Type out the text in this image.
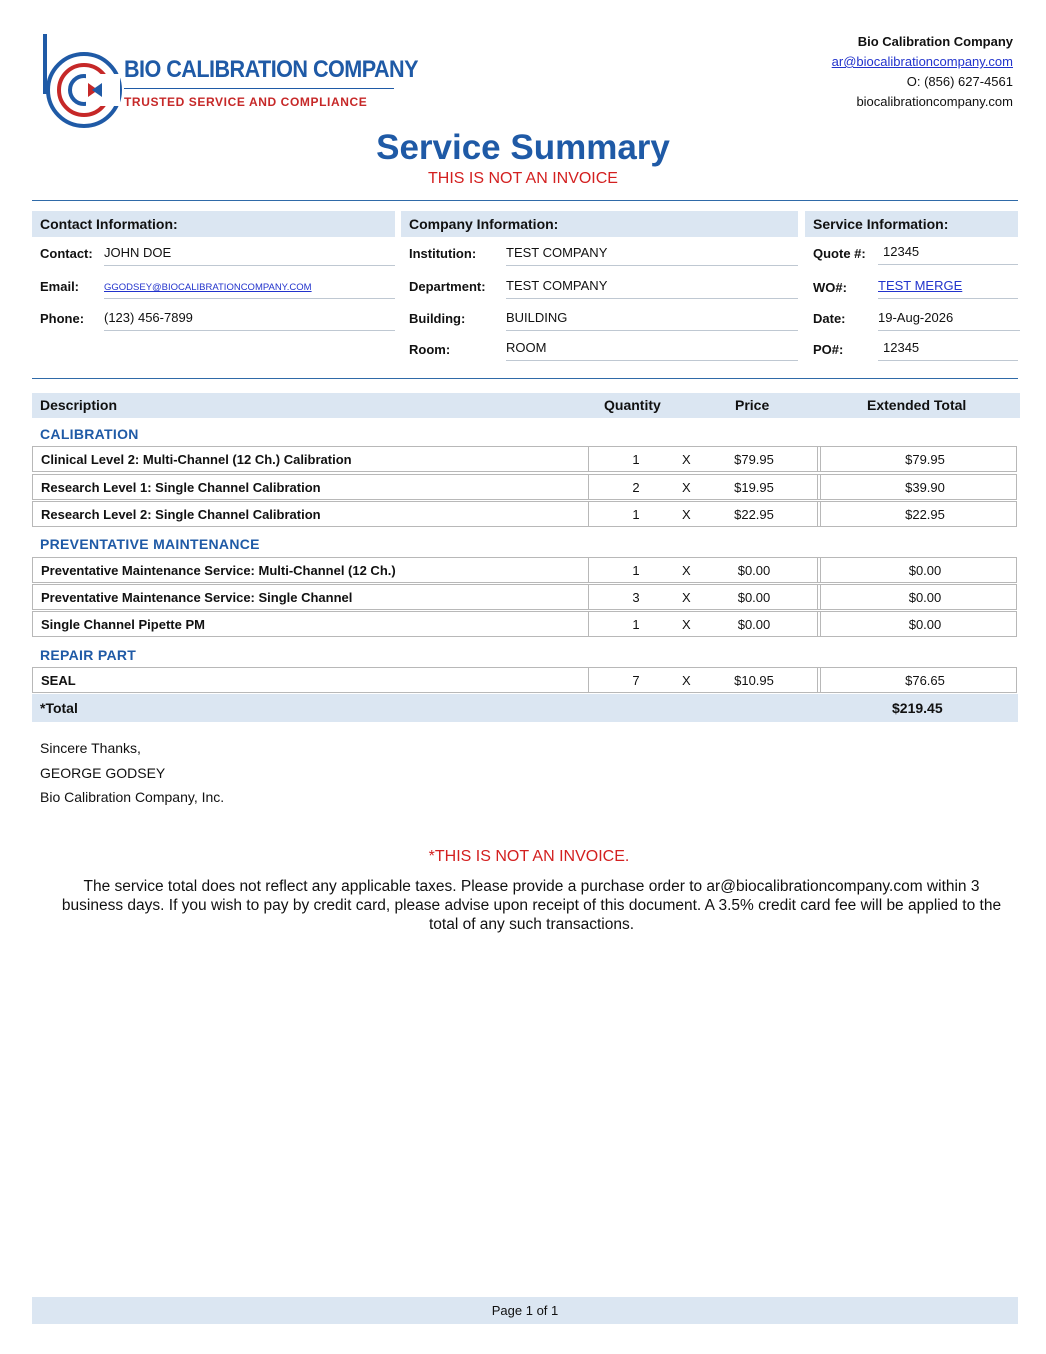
BIO CALIBRATION COMPANY
TRUSTED SERVICE AND COMPLIANCE
Bio Calibration Company
ar@biocalibrationcompany.com
O: (856) 627-4561
biocalibrationcompany.com
Service Summary
THIS IS NOT AN INVOICE
Contact Information:
Contact: JOHN DOE
Email:	GGODSEY@BIOCALIBRATIONCOMPANY.COM
Phone: (123) 456-7899
Company Information:
Institution: TEST COMPANY
Department: TEST COMPANY
Building:	BUILDING
Room:	ROOM
Service Information:
Quote #:	12345
WO#: TEST MERGE
Date: 19-Aug-2026
PO#:	12345
Description	Quantity	Price	Extended Total
CALIBRATION
Clinical Level 2: Multi-Channel (12 Ch.) Calibration	1	X	$79.95	$79.95
Research Level 1: Single Channel Calibration	2	X	$19.95	$39.90
Research Level 2: Single Channel Calibration	1	X	$22.95	$22.95
PREVENTATIVE MAINTENANCE
Preventative Maintenance Service: Multi-Channel (12 Ch.)	1	X	$0.00	$0.00
Preventative Maintenance Service: Single Channel	3	X	$0.00	$0.00
Single Channel Pipette PM	1	X	$0.00	$0.00
REPAIR PART
SEAL	7	X	$10.95	$76.65
*Total	$219.45
Sincere Thanks,
GEORGE GODSEY
Bio Calibration Company, Inc.
*THIS IS NOT AN INVOICE.
The service total does not reflect any applicable taxes. Please provide a purchase order to ar@biocalibrationcompany.com within 3 business days. If you wish to pay by credit card, please advise upon receipt of this document. A 3.5% credit card fee will be applied to the total of any such transactions.
Page 1 of 1
